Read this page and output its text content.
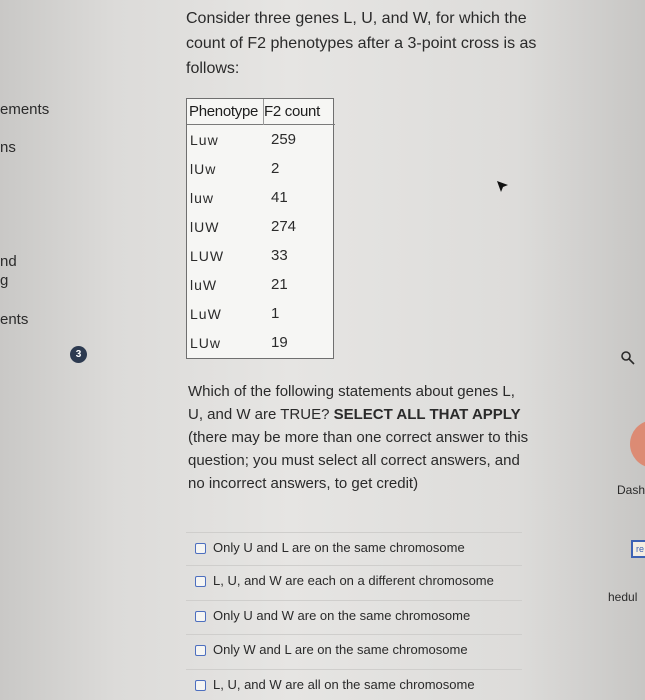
ements
ns
nd
g
ents
Consider three genes L, U, and W, for which the count of F2 phenotypes after a 3-point cross is as follows:
Phenotype F2 count
Luw	259
lUw	2
luw	41
lUW	274
LUW	33
luW	21
LuW	1
LUw	19
3
Which of the following statements about genes L, U, and W are TRUE? SELECT ALL THAT APPLY (there may be more than one correct answer to this question; you must select all correct answers, and no incorrect answers, to get credit)
Only U and L are on the same chromosome
L, U, and W are each on a different chromosome
Only U and W are on the same chromosome
Only W and L are on the same chromosome
L, U, and W are all on the same chromosome
Dash
re
hedul
